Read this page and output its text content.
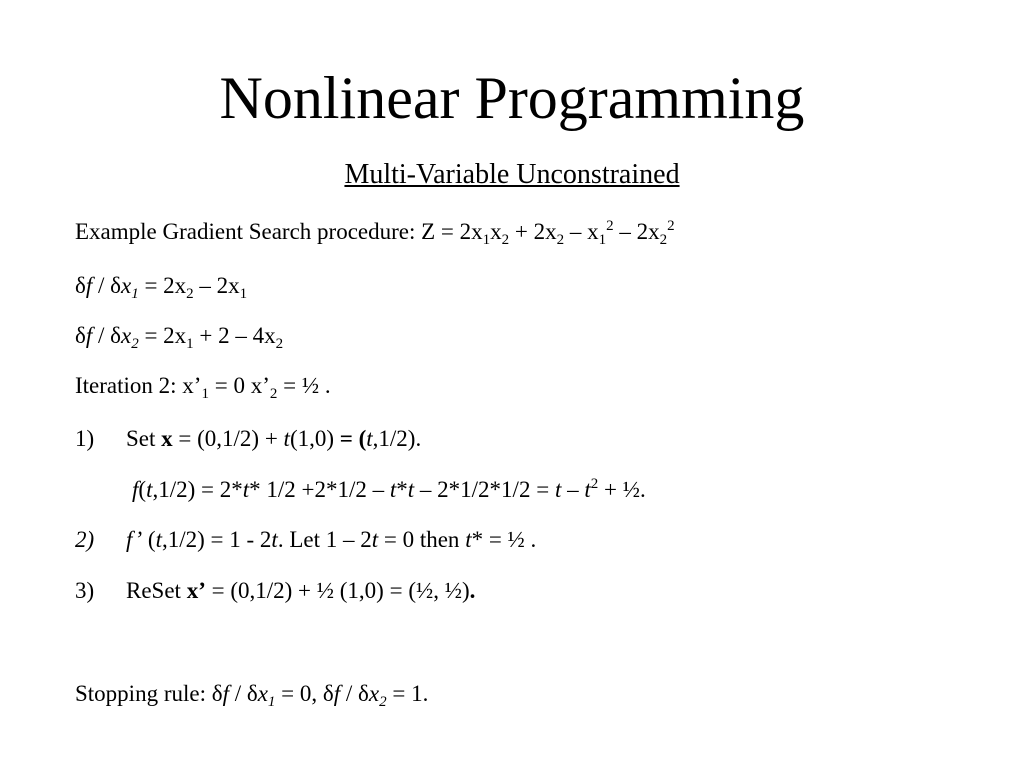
Nonlinear Programming
Multi-Variable Unconstrained
Example Gradient Search procedure: $Z = 2x_1x_2 + 2x_2 - x_1^2 - 2x_2^2$
$\delta f / \delta x_1 = 2x_2 - 2x_1$
$\delta f / \delta x_2 = 2x_1 + 2 - 4x_2$
Iteration 2: $x’_1 = 0$ $x’_2$ = ½ .
1) Set x = (0,1/2) + t(1,0) = (t,1/2).
f(t,1/2) = 2*t* $1/2 +2*1/2 - t*t - 2*1/2*1/2 = t - t^2$ + ½.
2) f’ (t,1/2) = 1 - 2t. Let 1 – 2t = 0 then t* = ½ .
3) ReSet x’ = (0,1/2) + ½ (1,0) = (½, ½).
Stopping rule: $\delta f / \delta x_1 = 0$, $\delta f / \delta x_2 = 1$.
